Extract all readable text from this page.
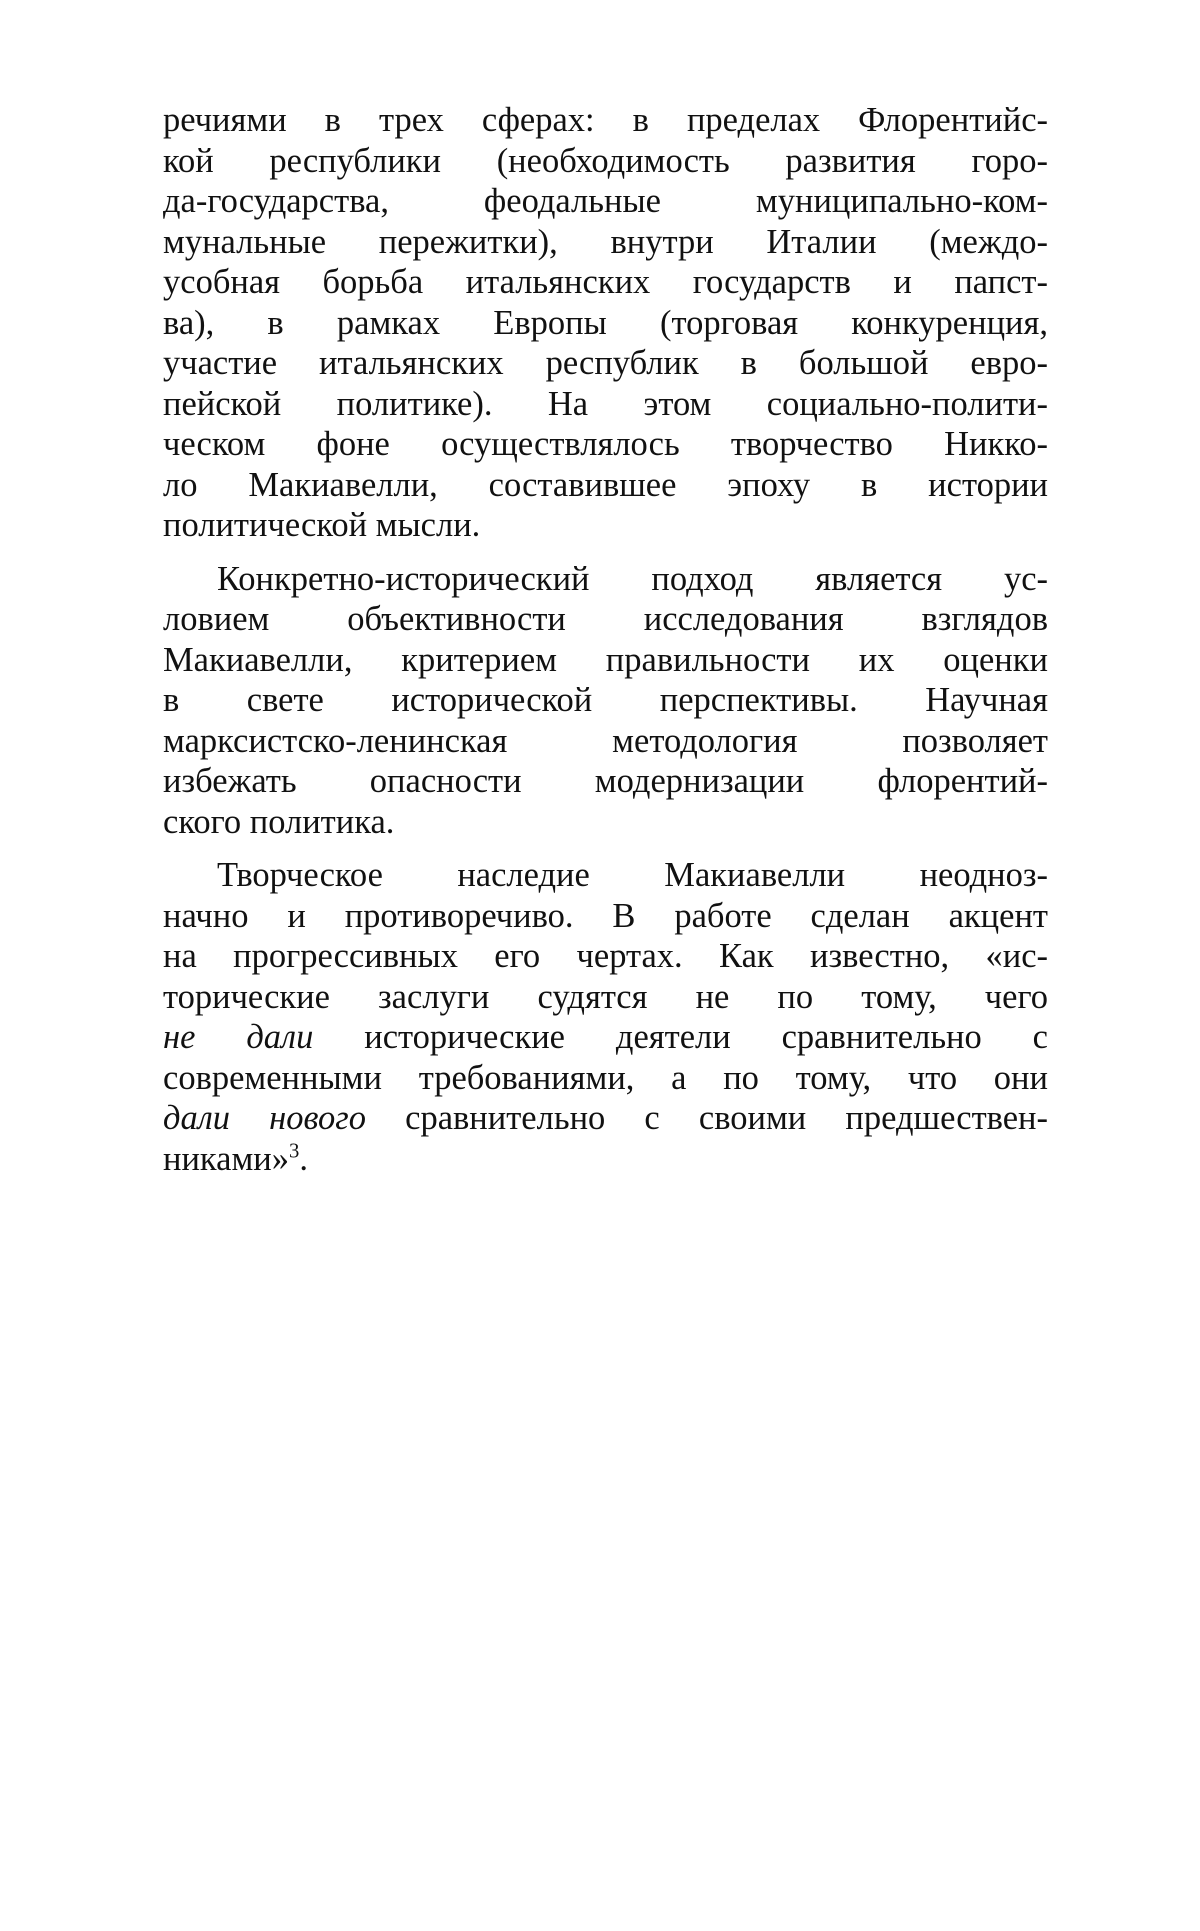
речиями в трех сферах: в пределах Флорентийс-
кой республики (необходимость развития горо-
да-государства, феодальные муниципально-ком-
мунальные пережитки), внутри Италии (междо-
усобная борьба итальянских государств и папст-
ва), в рамках Европы (торговая конкуренция,
участие итальянских республик в большой евро-
пейской политике). На этом социально-полити-
ческом фоне осуществлялось творчество Никко-
ло Макиавелли, составившее эпоху в истории
политической мысли.
Конкретно-исторический подход является ус-
ловием объективности исследования взглядов
Макиавелли, критерием правильности их оценки
в свете исторической перспективы. Научная
марксистско-ленинская методология позволяет
избежать опасности модернизации флорентий-
ского политика.
Творческое наследие Макиавелли неоднoз-
начно и противоречиво. В работе сделан акцент
на прогрессивных его чертах. Как известно, «ис-
торические заслуги судятся не по тому, чего
не дали исторические деятели сравнительно с
современными требованиями, а по тому, что они
дали нового сравнительно с своими предшествен-
никами»$^3$.
